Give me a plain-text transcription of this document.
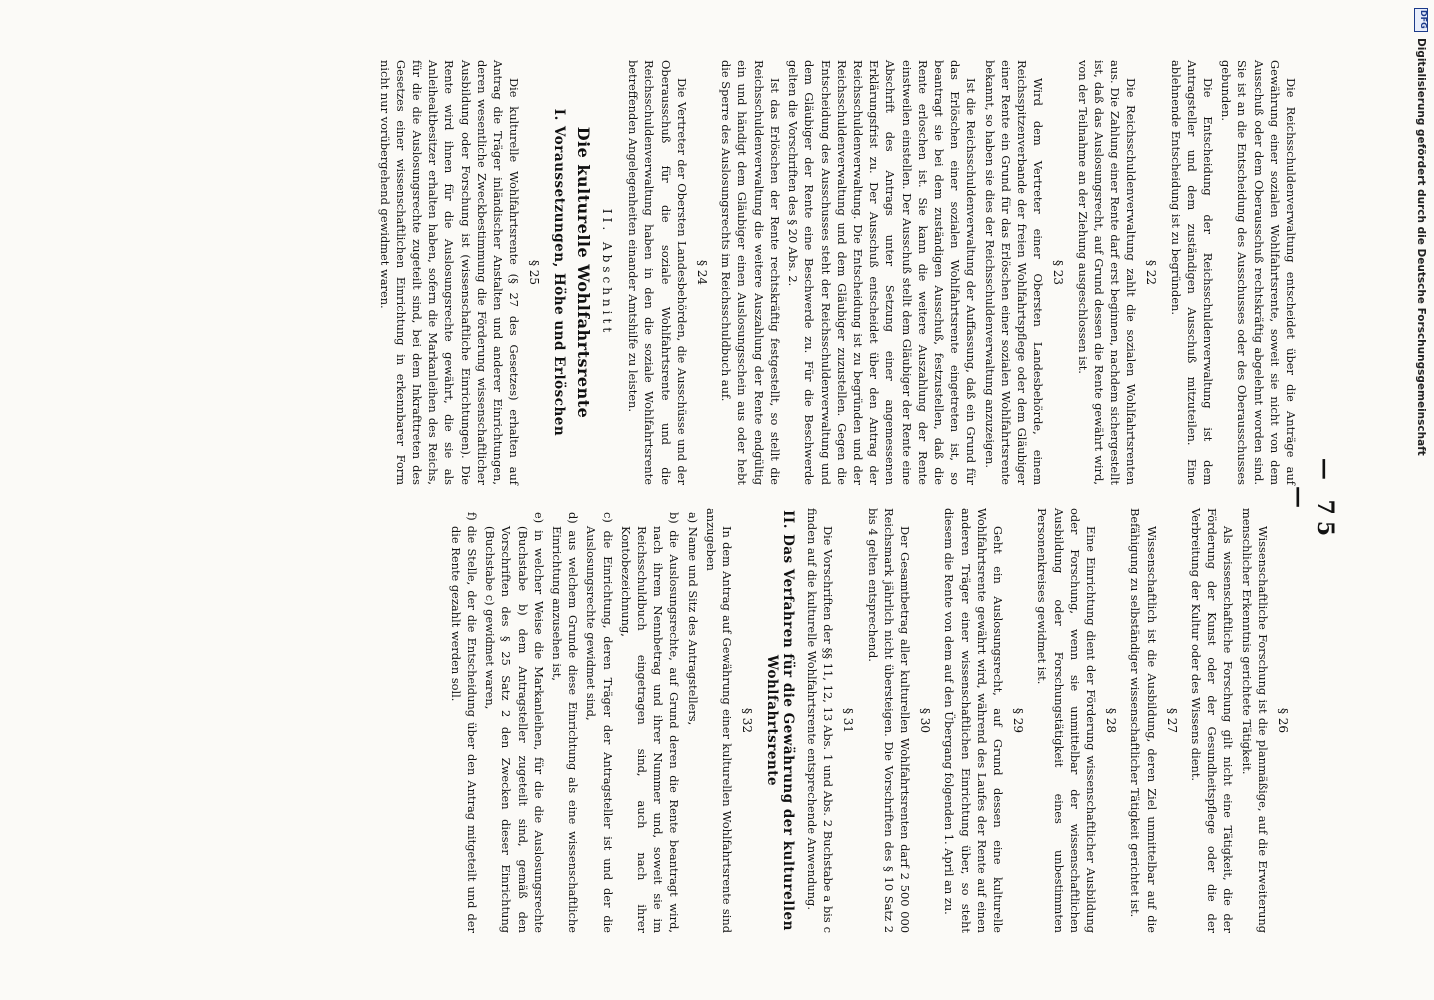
DFG
Digitalisierung gefördert durch die Deutsche Forschungsgemeinschaft
— 75 —

Die Reichsschuldenverwaltung entscheidet über die Anträge auf Gewährung einer sozialen Wohlfahrtsrente, soweit sie nicht von dem Ausschuß oder dem Oberausschuß rechtskräftig abgelehnt worden sind. Sie ist an die Entscheidung des Ausschusses oder des Oberausschusses gebunden.

Die Entscheidung der Reichsschuldenverwaltung ist dem Antragsteller und dem zuständigen Ausschuß mitzuteilen. Eine ablehnende Entscheidung ist zu begründen.

§ 22

Die Reichsschuldenverwaltung zahlt die sozialen Wohlfahrtsrenten aus. Die Zahlung einer Rente darf erst beginnen, nachdem sichergestellt ist, daß das Auslosungsrecht, auf Grund dessen die Rente gewährt wird, von der Teilnahme an der Ziehung ausgeschlossen ist.

§ 23

Wird dem Vertreter einer Obersten Landesbehörde, einem Reichsspitzenverbande der freien Wohlfahrtspflege oder dem Gläubiger einer Rente ein Grund für das Erlöschen einer sozialen Wohlfahrtsrente bekannt, so haben sie dies der Reichsschuldenverwaltung anzuzeigen.

Ist die Reichsschuldenverwaltung der Auffassung, daß ein Grund für das Erlöschen einer sozialen Wohlfahrtsrente eingetreten ist, so beantragt sie bei dem zuständigen Ausschuß, festzustellen, daß die Rente erloschen ist. Sie kann die weitere Auszahlung der Rente einstweilen einstellen. Der Ausschuß stellt dem Gläubiger der Rente eine Abschrift des Antrags unter Setzung einer angemessenen Erklärungsfrist zu. Der Ausschuß entscheidet über den Antrag der Reichsschuldenverwaltung. Die Entscheidung ist zu begründen und der Reichsschuldenverwaltung und dem Gläubiger zuzustellen. Gegen die Entscheidung des Ausschusses steht der Reichsschuldenverwaltung und dem Gläubiger der Rente eine Beschwerde zu. Für die Beschwerde gelten die Vorschriften des § 20 Abs. 2.

Ist das Erlöschen der Rente rechtskräftig festgestellt, so stellt die Reichsschuldenverwaltung die weitere Auszahlung der Rente endgültig ein und händigt dem Gläubiger einen Auslosungsschein aus oder hebt die Sperre des Auslosungsrechts im Reichsschuldbuch auf.

§ 24

Die Vertreter der Obersten Landesbehörden, die Ausschüsse und der Oberausschuß für die soziale Wohlfahrtsrente und die Reichsschuldenverwaltung haben in den die soziale Wohlfahrtsrente betreffenden Angelegenheiten einander Amtshilfe zu leisten.

II. Abschnitt
Die kulturelle Wohlfahrtsrente
I. Voraussetzungen, Höhe und Erlöschen
§ 25

Die kulturelle Wohlfahrtsrente (§ 27 des Gesetzes) erhalten auf Antrag die Träger inländischer Anstalten und anderer Einrichtungen, deren wesentliche Zweckbestimmung die Förderung wissenschaftlicher Ausbildung oder Forschung ist (wissenschaftliche Einrichtungen). Die Rente wird ihnen für die Auslosungsrechte gewährt, die sie als Anleihealtbesitzer erhalten haben, sofern die Markanleihen des Reichs, für die die Auslosungsrechte zugeteilt sind, bei dem Inkrafttreten des Gesetzes einer wissenschaftlichen Einrichtung in erkennbarer Form nicht nur vorübergehend gewidmet waren.

§ 26

Wissenschaftliche Forschung ist die planmäßige, auf die Erweiterung menschlicher Erkenntnis gerichtete Tätigkeit.

Als wissenschaftliche Forschung gilt nicht eine Tätigkeit, die der Förderung der Kunst oder der Gesundheitspflege oder die der Verbreitung der Kultur oder des Wissens dient.

§ 27

Wissenschaftlich ist die Ausbildung, deren Ziel unmittelbar auf die Befähigung zu selbständiger wissenschaftlicher Tätigkeit gerichtet ist.

§ 28

Eine Einrichtung dient der Förderung wissenschaftlicher Ausbildung oder Forschung, wenn sie unmittelbar der wissenschaftlichen Ausbildung oder Forschungstätigkeit eines unbestimmten Personenkreises gewidmet ist.

§ 29

Geht ein Auslosungsrecht, auf Grund dessen eine kulturelle Wohlfahrtsrente gewährt wird, während des Laufes der Rente auf einen anderen Träger einer wissenschaftlichen Einrichtung über, so steht diesem die Rente von dem auf den Übergang folgenden 1. April an zu.

§ 30

Der Gesamtbetrag aller kulturellen Wohlfahrtsrenten darf 2 500 000 Reichsmark jährlich nicht übersteigen. Die Vorschriften des § 10 Satz 2 bis 4 gelten entsprechend.

§ 31

Die Vorschriften der §§ 11, 12, 13 Abs. 1 und Abs. 2 Buchstabe a bis c finden auf die kulturelle Wohlfahrtsrente entsprechende Anwendung.

II. Das Verfahren für die Gewährung der kulturellen Wohlfahrtsrente
§ 32

In dem Antrag auf Gewährung einer kulturellen Wohlfahrtsrente sind anzugeben

a) Name und Sitz des Antragstellers,
b) die Auslosungsrechte, auf Grund deren die Rente beantragt wird, nach ihrem Nennbetrag und ihrer Nummer und, soweit sie im Reichsschuldbuch eingetragen sind, auch nach ihrer Kontobezeichnung,
c) die Einrichtung, deren Träger der Antragsteller ist und der die Auslosungsrechte gewidmet sind,
d) aus welchem Grunde diese Einrichtung als eine wissenschaftliche Einrichtung anzusehen ist,
e) in welcher Weise die Markanleihen, für die die Auslosungsrechte (Buchstabe b) dem Antragsteller zugeteilt sind, gemäß den Vorschriften des § 25 Satz 2 den Zwecken dieser Einrichtung (Buchstabe c) gewidmet waren,
f) die Stelle, der die Entscheidung über den Antrag mitgeteilt und der die Rente gezahlt werden soll.
